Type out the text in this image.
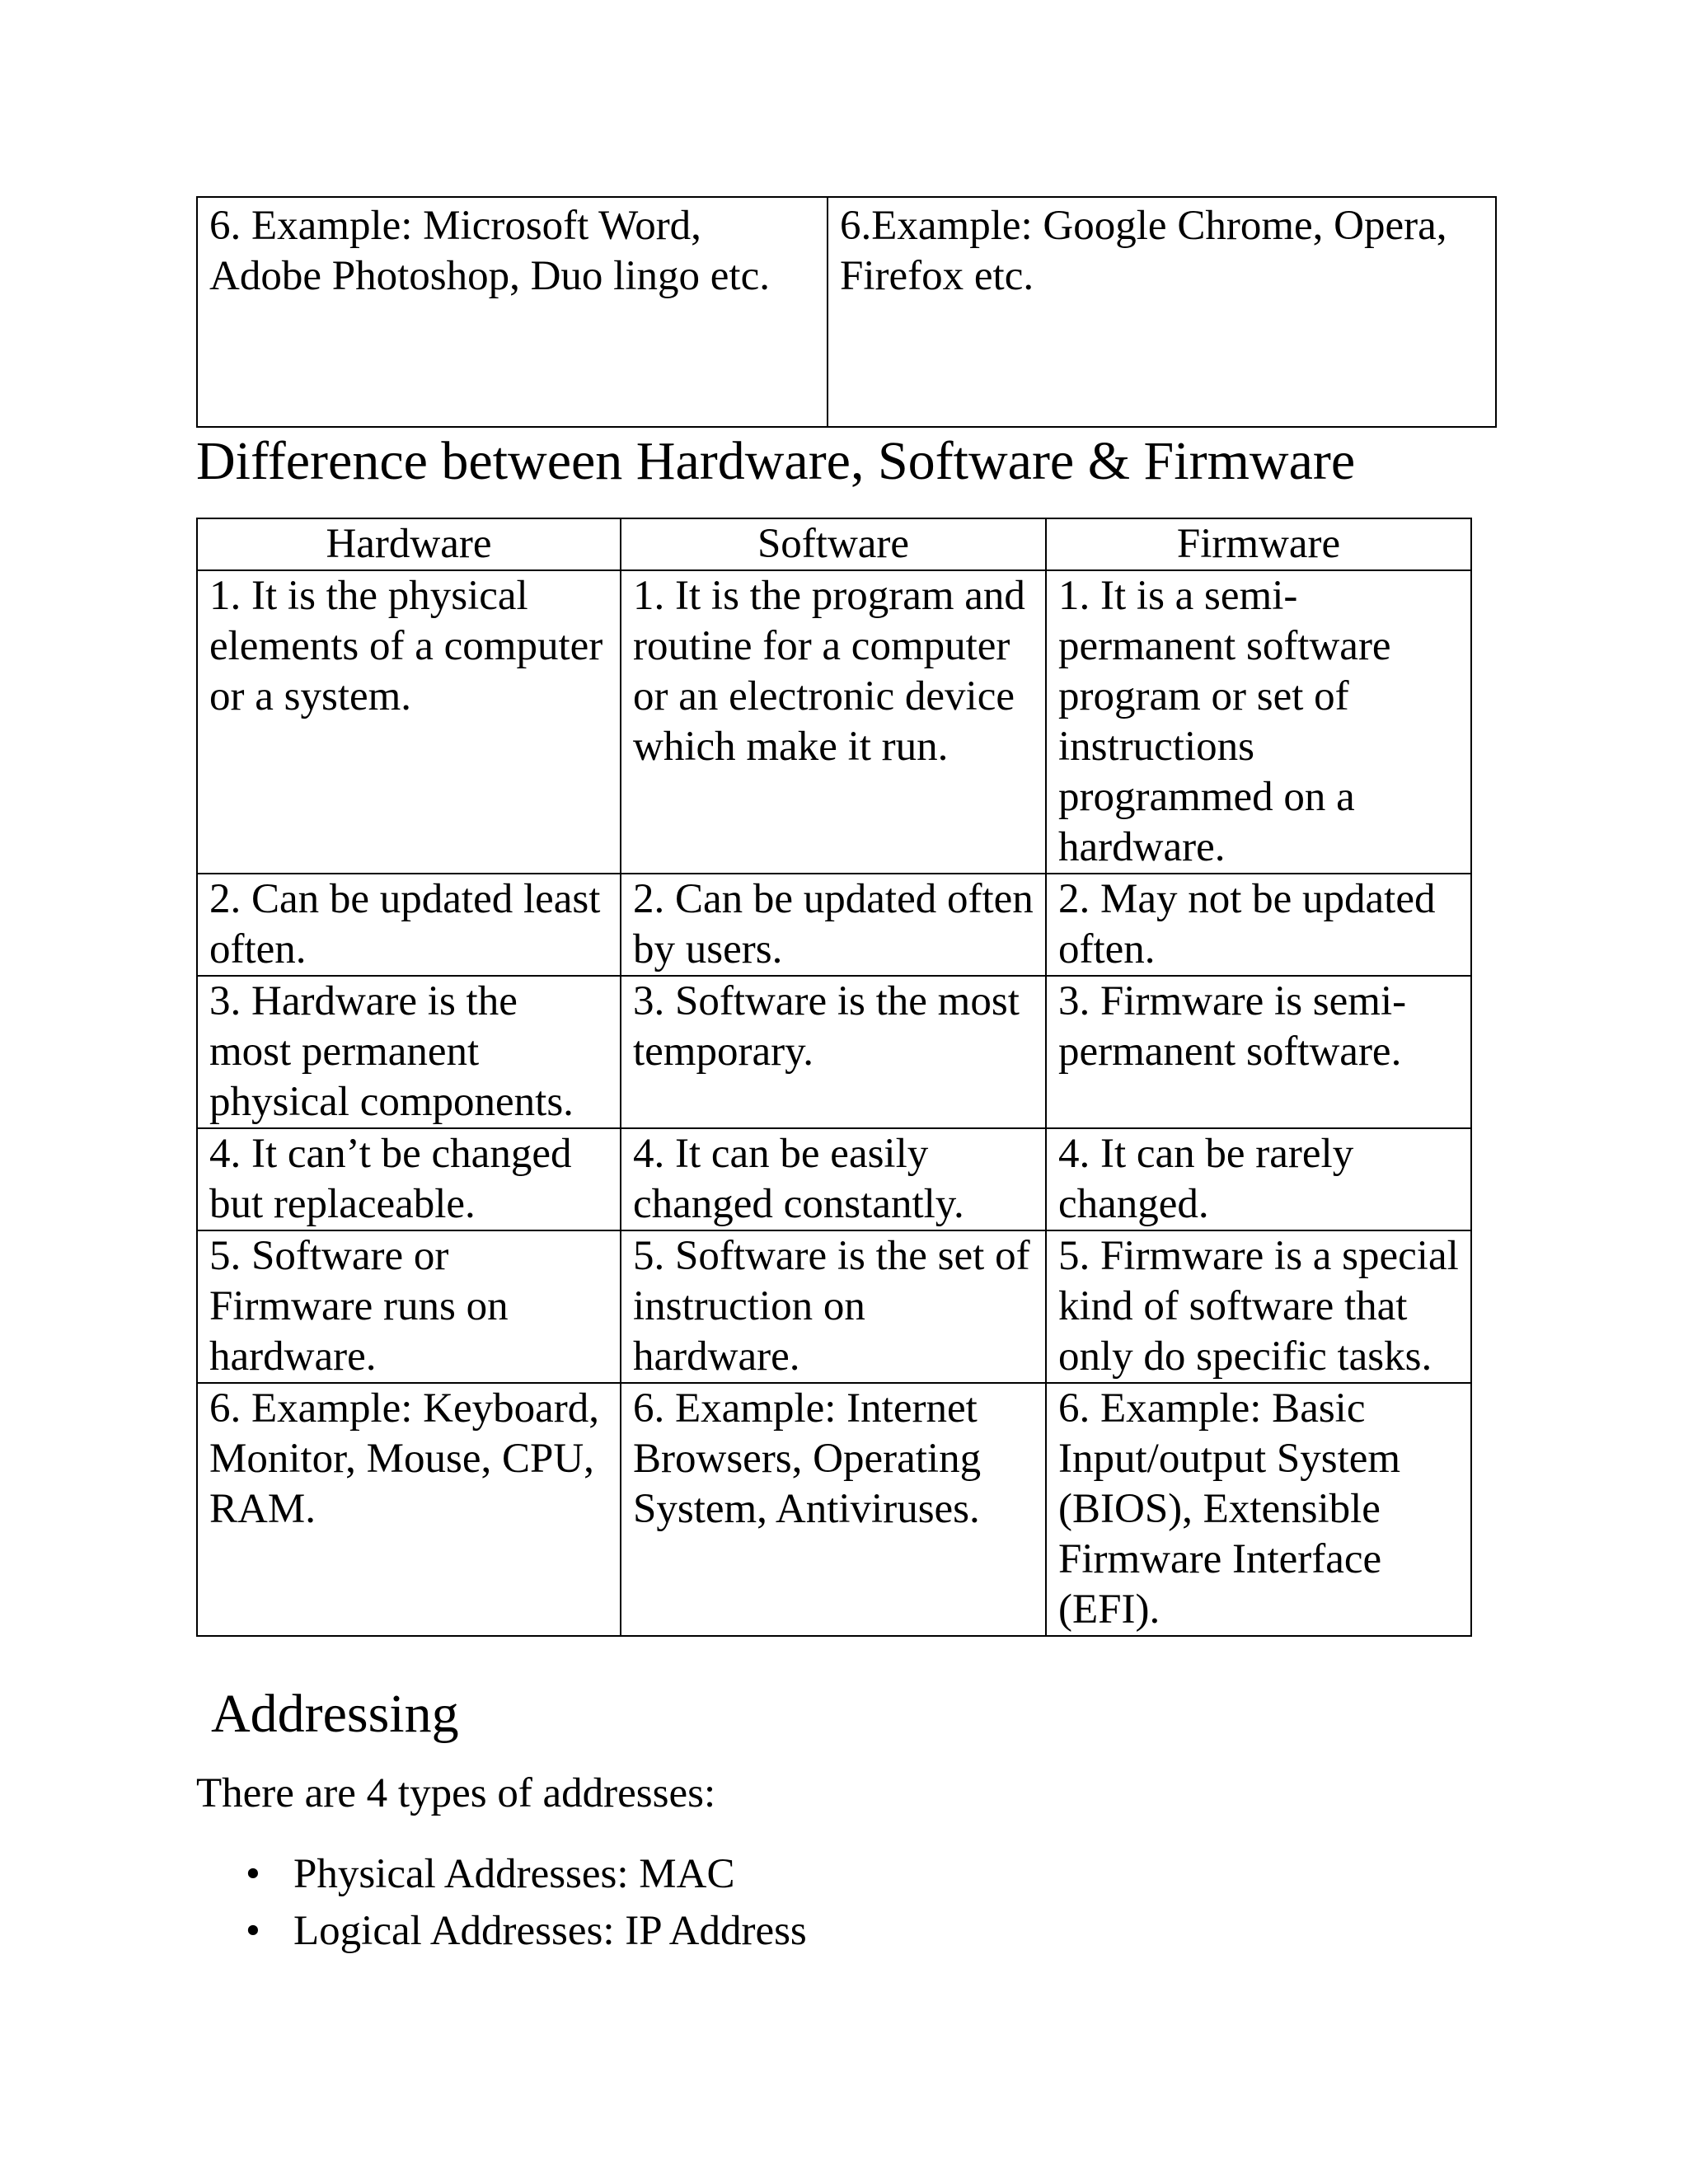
6. Example: Microsoft Word, Adobe Photoshop, Duo lingo etc.	6.Example: Google Chrome, Opera, Firefox etc.
Difference between Hardware, Software & Firmware
Hardware	Software	Firmware
1. It is the physical elements of a computer or a system.	1. It is the program and routine for a computer or an electronic device which make it run.	1. It is a semi-permanent software program or set of instructions programmed on a hardware.
2. Can be updated least often.	2. Can be updated often by users.	2. May not be updated often.
3. Hardware is the most permanent physical components.	3. Software is the most temporary.	3. Firmware is semi-permanent software.
4. It can’t be changed but replaceable.	4. It can be easily changed constantly.	4. It can be rarely changed.
5. Software or Firmware runs on hardware.	5. Software is the set of instruction on hardware.	5. Firmware is a special kind of software that only do specific tasks.
6. Example: Keyboard, Monitor, Mouse, CPU, RAM.	6. Example: Internet Browsers, Operating System, Antiviruses.	6. Example: Basic Input/output System (BIOS), Extensible Firmware Interface (EFI).
Addressing

There are 4 types of addresses:

• Physical Addresses: MAC
• Logical Addresses: IP Address
